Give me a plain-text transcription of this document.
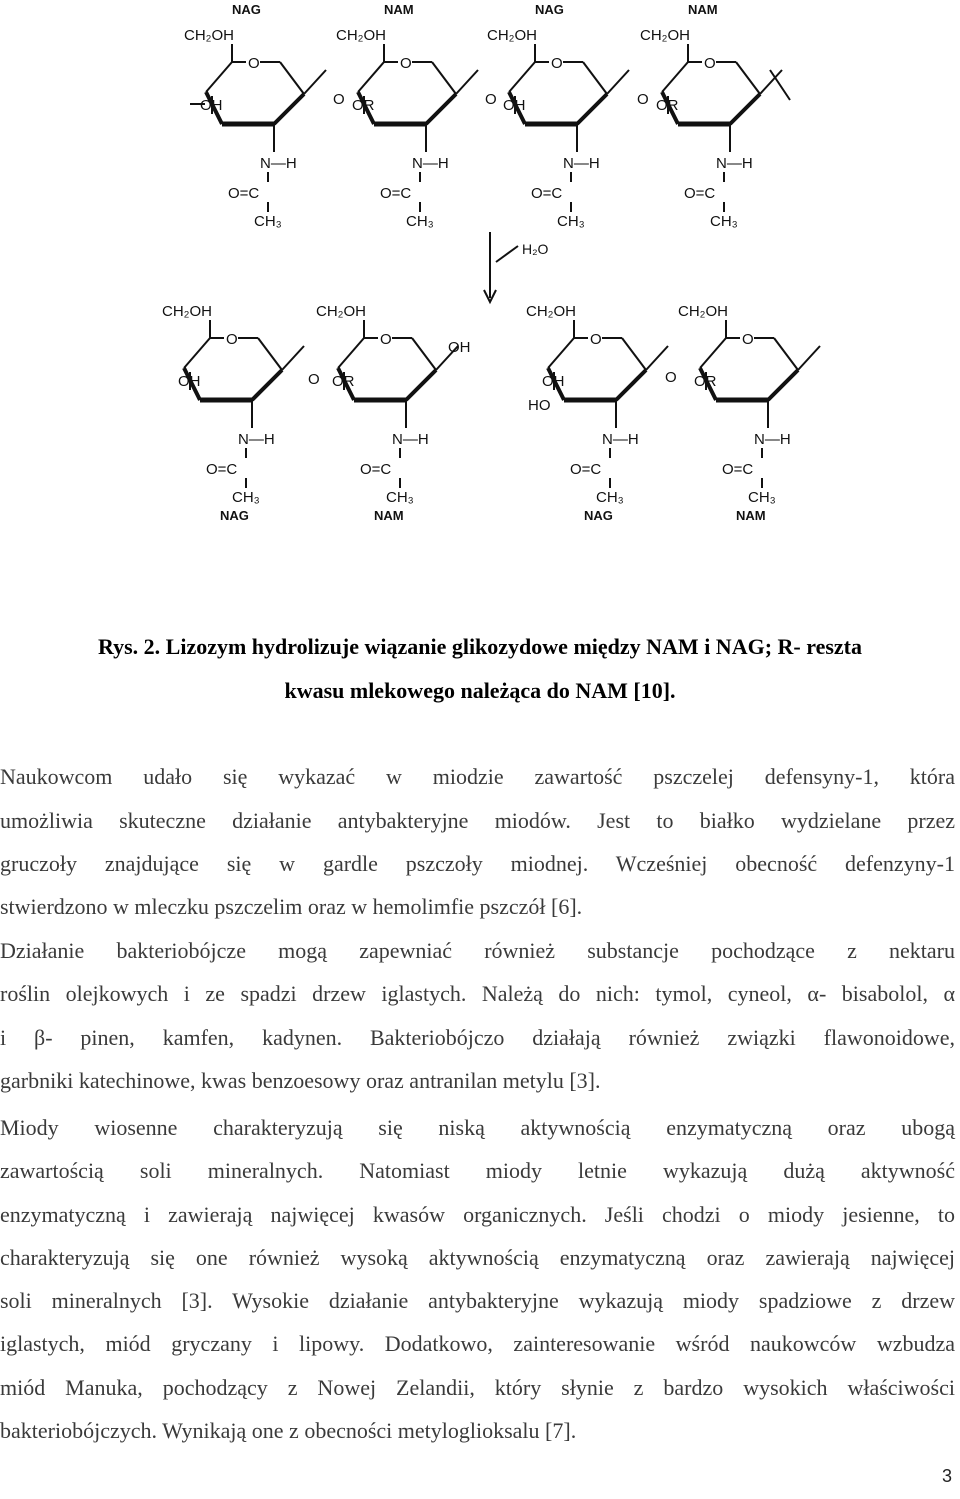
O
CH₂OH
OH
N—H
O=C
CH₃
NAG
O
CH₂OH
OR
N—H
O=C
CH₃
NAM
O
CH₂OH
OH
N—H
O=C
CH₃
NAG
O
CH₂OH
OR
N—H
O=C
CH₃
NAM
O	O	O
H₂O
O
CH₂OH
OH
N—H
O=C
CH₃
NAG
O
CH₂OH
OR
N—H
O=C
CH₃
NAM
O
CH₂OH
OH
N—H
O=C
CH₃
NAG
O
CH₂OH
OR
N—H
O=C
CH₃
NAM
O
OH
O
HO
Rys. 2. Lizozym hydrolizuje wiązanie glikozydowe między NAM i NAG; R- reszta
kwasu mlekowego należąca do NAM [10].
Naukowcom udało się wykazać w miodzie zawartość pszczelej defensyny-1, która
umożliwia skuteczne działanie antybakteryjne miodów. Jest to białko wydzielane przez
gruczoły znajdujące się w gardle pszczoły miodnej. Wcześniej obecność defenzyny-1
stwierdzono w mleczku pszczelim oraz w hemolimfie pszczół [6].
Działanie bakteriobójcze mogą zapewniać również substancje pochodzące z nektaru
roślin olejkowych i ze spadzi drzew iglastych. Należą do nich: tymol, cyneol, α- bisabolol, α
i β- pinen, kamfen, kadynen. Bakteriobójczo działają również związki flawonoidowe,
garbniki katechinowe, kwas benzoesowy oraz antranilan metylu [3].
Miody wiosenne charakteryzują się niską aktywnością enzymatyczną oraz ubogą
zawartością soli mineralnych. Natomiast miody letnie wykazują dużą aktywność
enzymatyczną i zawierają najwięcej kwasów organicznych. Jeśli chodzi o miody jesienne, to
charakteryzują się one również wysoką aktywnością enzymatyczną oraz zawierają najwięcej
soli mineralnych [3]. Wysokie działanie antybakteryjne wykazują miody spadziowe z drzew
iglastych, miód gryczany i lipowy. Dodatkowo, zainteresowanie wśród naukowców wzbudza
miód Manuka, pochodzący z Nowej Zelandii, który słynie z bardzo wysokich właściwości
bakteriobójczych. Wynikają one z obecności metyloglioksalu [7].
3
